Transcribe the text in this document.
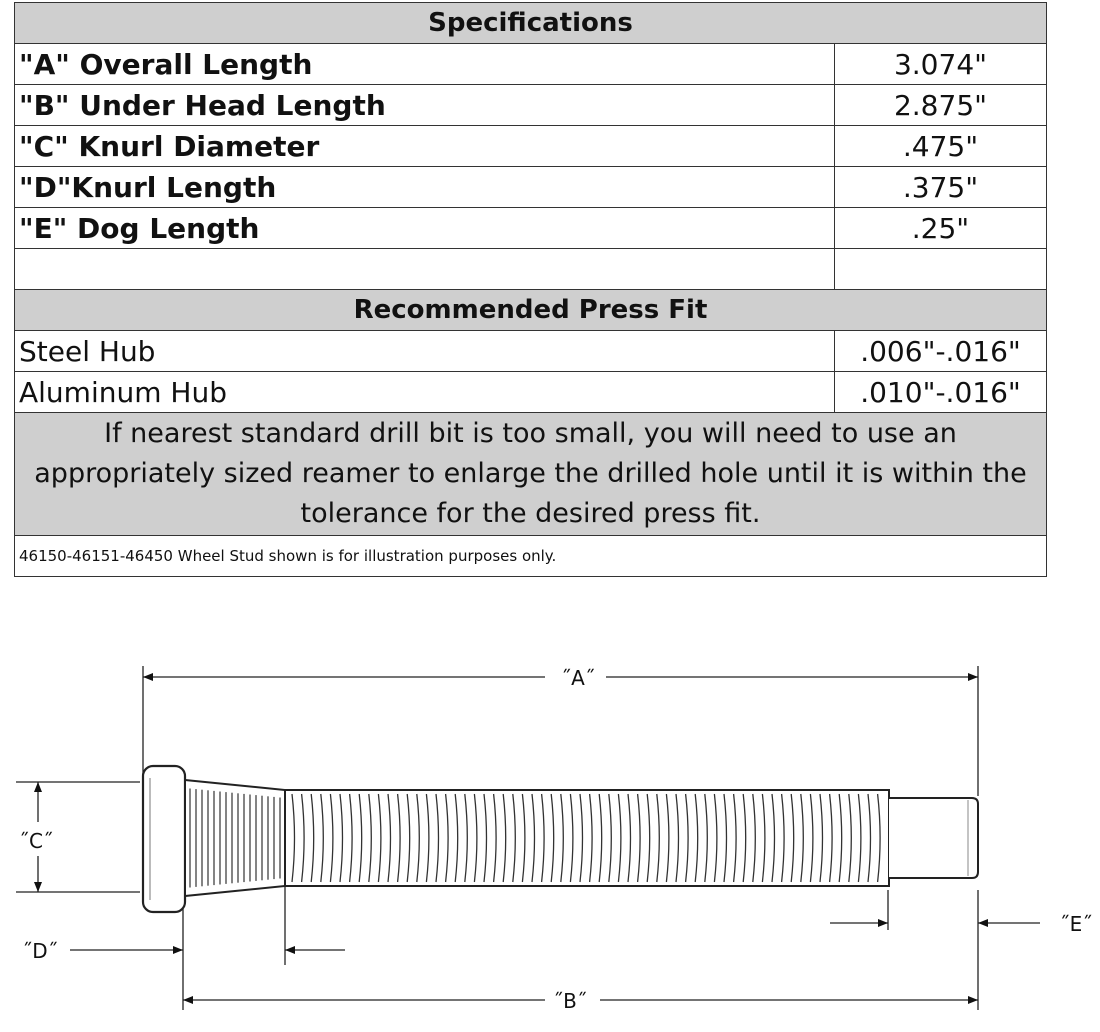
Specifications	
"A" Overall Length	3.074"
"B" Under Head Length	2.875"
"C" Knurl Diameter	.475"
"D"Knurl Length	.375"
"E" Dog Length	.25"

Recommended Press Fit	
Steel Hub	.006"-.016"
Aluminum Hub	.010"-.016"
If nearest standard drill bit is too small, you will need to use an appropriately sized reamer to enlarge the drilled hole until it is within the tolerance for the desired press fit.	
46150-46151-46450 Wheel Stud shown is for illustration purposes only.	
˝A˝
˝B˝
˝C˝
˝D˝
˝E˝
